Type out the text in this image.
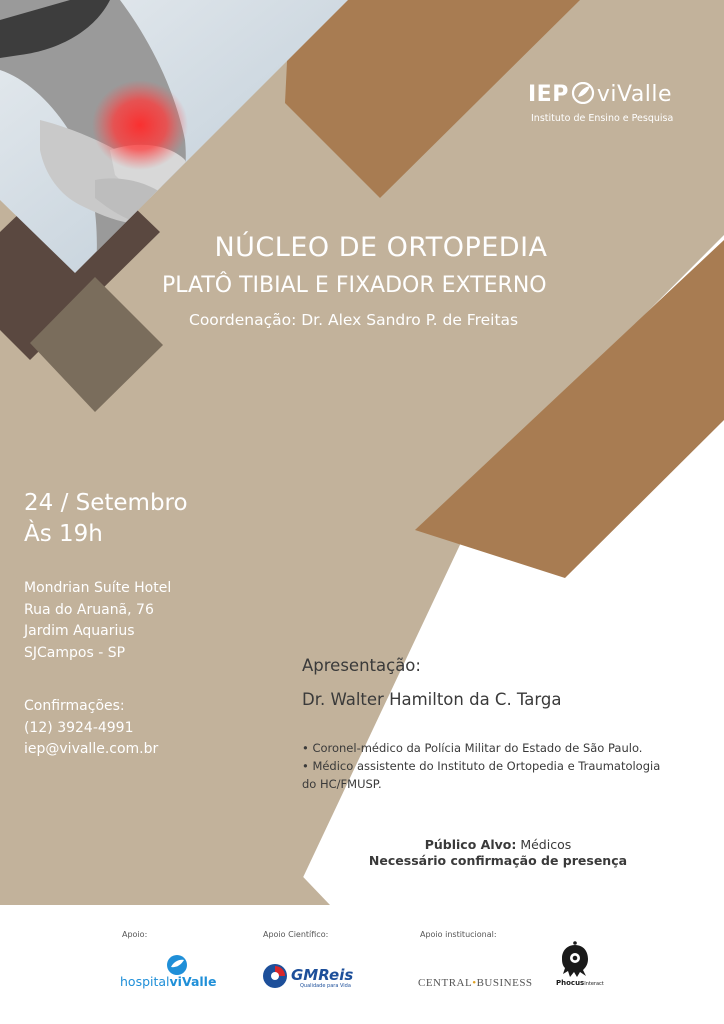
IEP viValle
Instituto de Ensino e Pesquisa
NÚCLEO DE ORTOPEDIA
PLATÔ TIBIAL E FIXADOR EXTERNO
Coordenação: Dr. Alex Sandro P. de Freitas
24 / Setembro
Às 19h
Mondrian Suíte Hotel
Rua do Aruanã, 76
Jardim Aquarius
SJCampos - SP
Confirmações:
(12) 3924-4991
iep@vivalle.com.br
Apresentação:
Dr. Walter Hamilton da C. Targa
• Coronel-médico da Polícia Militar do Estado de São Paulo.
• Médico assistente do Instituto de Ortopedia e Traumatologia
do HC/FMUSP.
Público Alvo: Médicos
Necessário confirmação de presença
Apoio:	Apoio Científico:	Apoio institucional:
hospitalviValle	GMReis
Qualidade para Vida	CENTRAL•BUSINESS	PhocusInteract
